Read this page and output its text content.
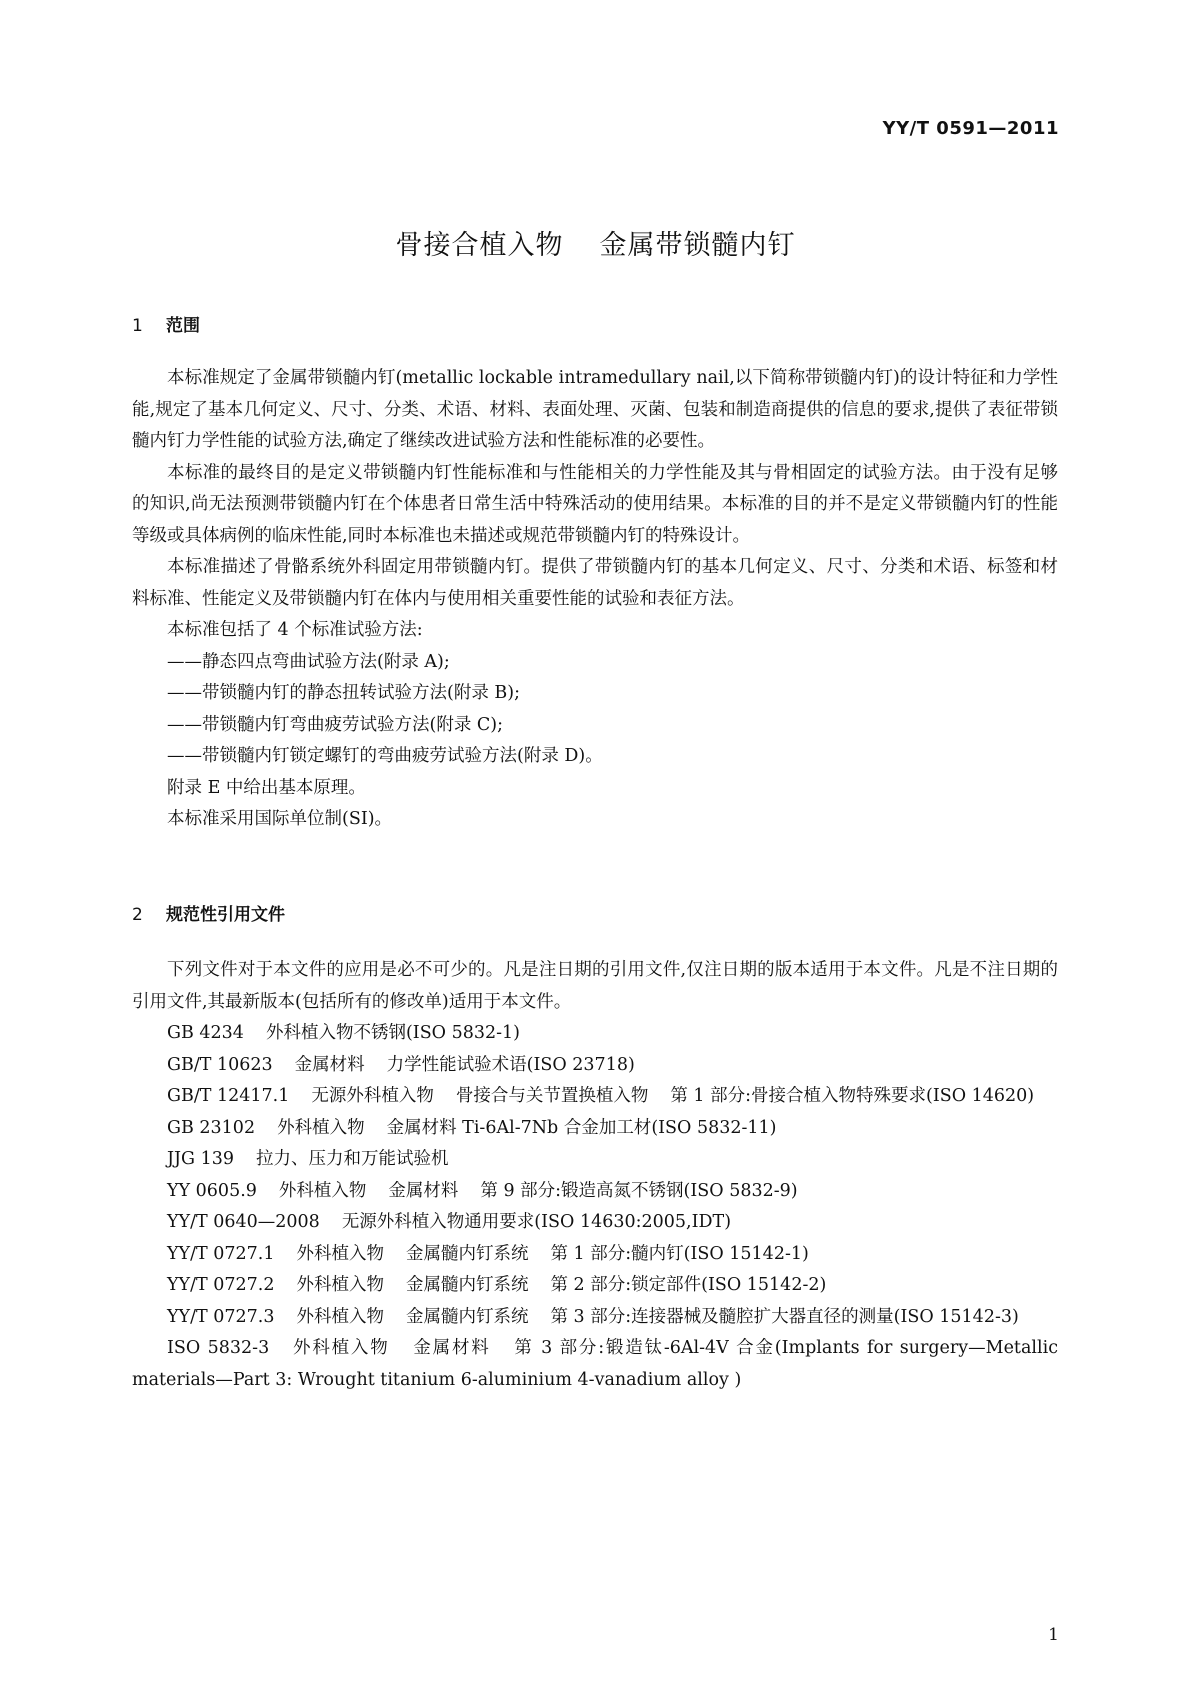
YY/T 0591—2011
骨接合植入物 金属带锁髓内钉
1 范围

本标准规定了金属带锁髓内钉(metallic lockable intramedullary nail,以下简称带锁髓内钉)的设计特征和力学性能,规定了基本几何定义、尺寸、分类、术语、材料、表面处理、灭菌、包装和制造商提供的信息的要求,提供了表征带锁髓内钉力学性能的试验方法,确定了继续改进试验方法和性能标准的必要性。

本标准的最终目的是定义带锁髓内钉性能标准和与性能相关的力学性能及其与骨相固定的试验方法。由于没有足够的知识,尚无法预测带锁髓内钉在个体患者日常生活中特殊活动的使用结果。本标准的目的并不是定义带锁髓内钉的性能等级或具体病例的临床性能,同时本标准也未描述或规范带锁髓内钉的特殊设计。

本标准描述了骨骼系统外科固定用带锁髓内钉。提供了带锁髓内钉的基本几何定义、尺寸、分类和术语、标签和材料标准、性能定义及带锁髓内钉在体内与使用相关重要性能的试验和表征方法。

本标准包括了 4 个标准试验方法:

——静态四点弯曲试验方法(附录 A);

——带锁髓内钉的静态扭转试验方法(附录 B);

——带锁髓内钉弯曲疲劳试验方法(附录 C);

——带锁髓内钉锁定螺钉的弯曲疲劳试验方法(附录 D)。

附录 E 中给出基本原理。

本标准采用国际单位制(SI)。

2 规范性引用文件

下列文件对于本文件的应用是必不可少的。凡是注日期的引用文件,仅注日期的版本适用于本文件。凡是不注日期的引用文件,其最新版本(包括所有的修改单)适用于本文件。

GB 4234 外科植入物不锈钢(ISO 5832-1)

GB/T 10623 金属材料 力学性能试验术语(ISO 23718)

GB/T 12417.1 无源外科植入物 骨接合与关节置换植入物 第 1 部分:骨接合植入物特殊要求(ISO 14620)

GB 23102 外科植入物 金属材料 Ti-6Al-7Nb 合金加工材(ISO 5832-11)

JJG 139 拉力、压力和万能试验机

YY 0605.9 外科植入物 金属材料 第 9 部分:锻造高氮不锈钢(ISO 5832-9)

YY/T 0640—2008 无源外科植入物通用要求(ISO 14630:2005,IDT)

YY/T 0727.1 外科植入物 金属髓内钉系统 第 1 部分:髓内钉(ISO 15142-1)

YY/T 0727.2 外科植入物 金属髓内钉系统 第 2 部分:锁定部件(ISO 15142-2)

YY/T 0727.3 外科植入物 金属髓内钉系统 第 3 部分:连接器械及髓腔扩大器直径的测量(ISO 15142-3)

ISO 5832-3 外科植入物 金属材料 第 3 部分:锻造钛-6Al-4V 合金(Implants for surgery—Metallic materials—Part 3: Wrought titanium 6-aluminium 4-vanadium alloy )

1
